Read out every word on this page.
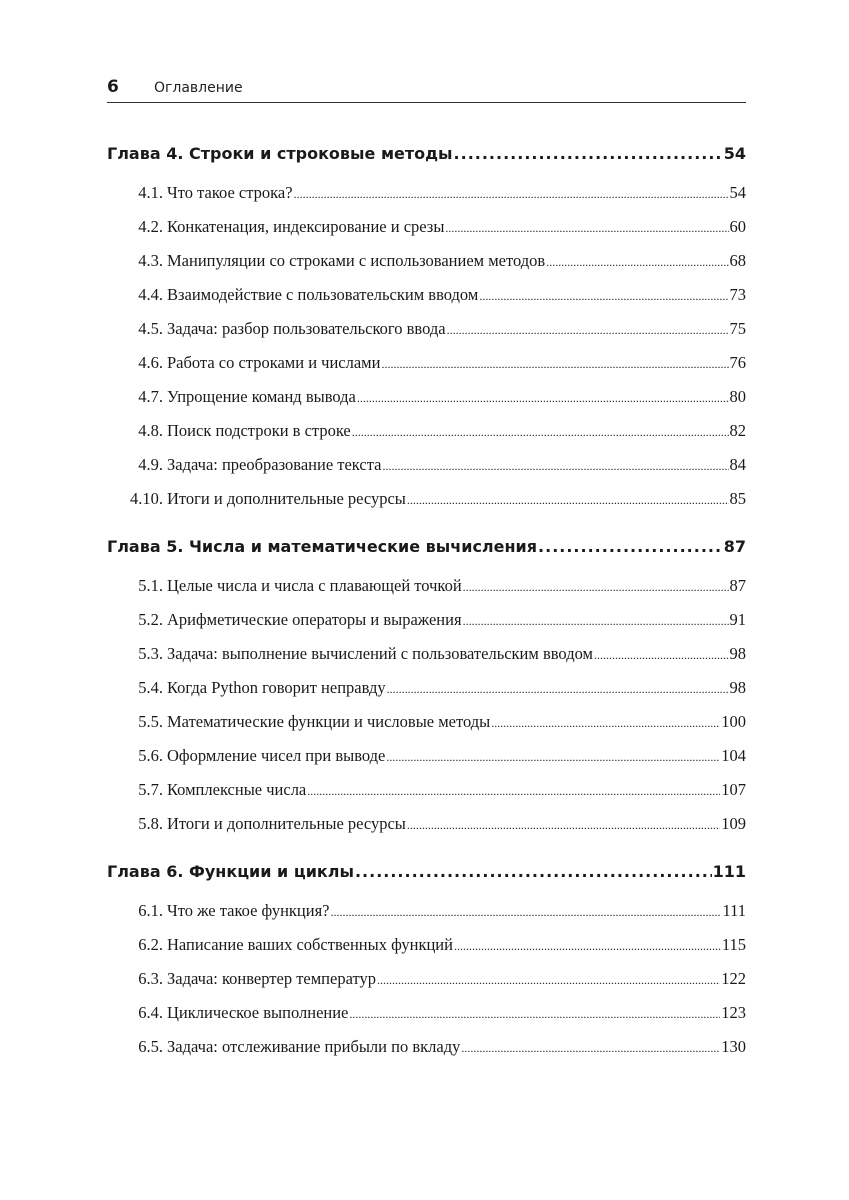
6	Оглавление
Глава 4. Строки и строковые методы .....	54
4.1. Что такое строка? .....	54
4.2. Конкатенация, индексирование и срезы .....	60
4.3. Манипуляции со строками с использованием методов .....	68
4.4. Взаимодействие с пользовательским вводом .....	73
4.5. Задача: разбор пользовательского ввода .....	75
4.6. Работа со строками и числами .....	76
4.7. Упрощение команд вывода .....	80
4.8. Поиск подстроки в строке .....	82
4.9. Задача: преобразование текста .....	84
4.10. Итоги и дополнительные ресурсы .....	85
Глава 5. Числа и математические вычисления .....	87
5.1. Целые числа и числа с плавающей точкой .....	87
5.2. Арифметические операторы и выражения .....	91
5.3. Задача: выполнение вычислений с пользовательским вводом .....	98
5.4. Когда Python говорит неправду .....	98
5.5. Математические функции и числовые методы .....	100
5.6. Оформление чисел при выводе .....	104
5.7. Комплексные числа .....	107
5.8. Итоги и дополнительные ресурсы .....	109
Глава 6. Функции и циклы .....	111
6.1. Что же такое функция? .....	111
6.2. Написание ваших собственных функций .....	115
6.3. Задача: конвертер температур .....	122
6.4. Циклическое выполнение .....	123
6.5. Задача: отслеживание прибыли по вкладу .....	130
